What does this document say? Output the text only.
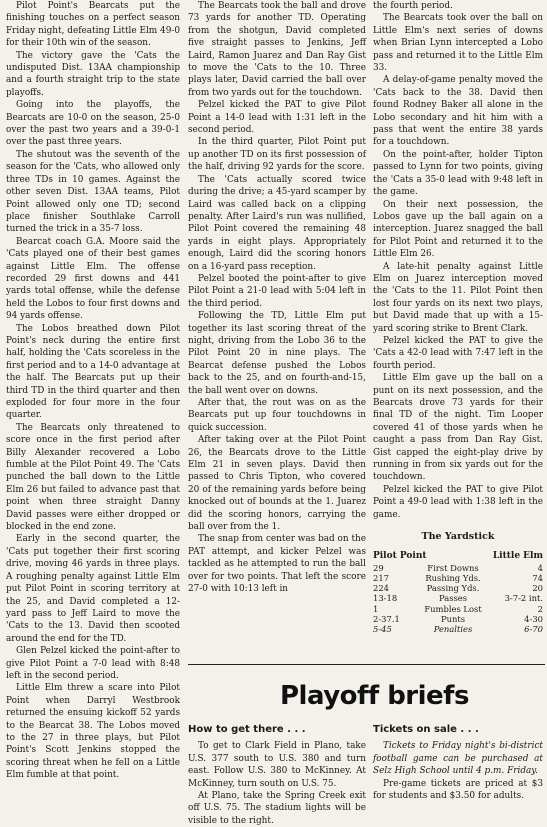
Pilot Point's Bearcats put the finishing touches on a perfect season Friday night, defeating Little Elm 49-0 for their 10th win of the season.

The victory gave the 'Cats the undisputed Dist. 13AA championship and a fourth straight trip to the state playoffs.

Going into the playoffs, the Bearcats are 10-0 on the season, 25-0 over the past two years and a 39-0-1 over the past three years.

The shutout was the seventh of the season for the 'Cats, who allowed only three TDs in 10 games. Against the other seven Dist. 13AA teams, Pilot Point allowed only one TD; second place finisher Southlake Carroll turned the trick in a 35-7 loss.

Bearcat coach G.A. Moore said the 'Cats played one of their best games against Little Elm. The offense recorded 29 first downs and 441 yards total offense, while the defense held the Lobos to four first downs and 94 yards offense.

The Lobos breathed down Pilot Point's neck during the entire first half, holding the 'Cats scoreless in the first period and to a 14-0 advantage at the half. The Bearcats put up their third TD in the third quarter and then exploded for four more in the four quarter.

The Bearcats only threatened to score once in the first period after Billy Alexander recovered a Lobo fumble at the Pilot Point 49. The 'Cats punched the ball down to the Little Elm 26 but failed to advance past that point when three straight Danny David passes were either dropped or blocked in the end zone.

Early in the second quarter, the 'Cats put together their first scoring drive, moving 46 yards in three plays. A roughing penalty against Little Elm put Pilot Point in scoring territory at the 25, and David completed a 12-yard pass to Jeff Laird to move the 'Cats to the 13. David then scooted around the end for the TD.

Glen Pelzel kicked the point-after to give Pilot Point a 7-0 lead with 8:48 left in the second period.

Little Elm threw a scare into Pilot Point when Darryl Westbrook returned the ensuing kickoff 52 yards to the Bearcat 38. The Lobos moved to the 27 in three plays, but Pilot Point's Scott Jenkins stopped the scoring threat when he fell on a Little Elm fumble at that point.

The Bearcats took the ball and drove 73 yards for another TD. Operating from the shotgun, David completed five straight passes to Jenkins, Jeff Laird, Ramon Juarez and Dan Ray Gist to move the 'Cats to the 10. Three plays later, David carried the ball over from two yards out for the touchdown.

Pelzel kicked the PAT to give Pilot Point a 14-0 lead with 1:31 left in the second period.

In the third quarter, Pilot Point put up another TD on its first possession of the half, driving 92 yards for the score.

The 'Cats actually scored twice during the drive; a 45-yard scamper by Laird was called back on a clipping penalty. After Laird's run was nullified, Pilot Point covered the remaining 48 yards in eight plays. Appropriately enough, Laird did the scoring honors on a 16-yard pass reception.

Pelzel booted the point-after to give Pilot Point a 21-0 lead with 5:04 left in the third period.

Following the TD, Little Elm put together its last scoring threat of the night, driving from the Lobo 36 to the Pilot Point 20 in nine plays. The Bearcat defense pushed the Lobos back to the 25, and on fourth-and-15, the ball went over on downs.

After that, the rout was on as the Bearcats put up four touchdowns in quick succession.

After taking over at the Pilot Point 26, the Bearcats drove to the Little Elm 21 in seven plays. David then passed to Chris Tipton, who covered 20 of the remaining yards before being knocked out of bounds at the 1. Juarez did the scoring honors, carrying the ball over from the 1.

The snap from center was bad on the PAT attempt, and kicker Pelzel was tackled as he attempted to run the ball over for two points. That left the score 27-0 with 10:13 left in

the fourth period.

The Bearcats took over the ball on Little Elm's next series of downs when Brian Lynn intercepted a Lobo pass and returned it to the Little Elm 33.

A delay-of-game penalty moved the 'Cats back to the 38. David then found Rodney Baker all alone in the Lobo secondary and hit him with a pass that went the entire 38 yards for a touchdown.

On the point-after, holder Tipton passed to Lynn for two points, giving the 'Cats a 35-0 lead with 9:48 left in the game.

On their next possession, the Lobos gave up the ball again on a interception. Juarez snagged the ball for Pilot Point and returned it to the Little Elm 26.

A late-hit penalty against Little Elm on Juarez interception moved the 'Cats to the 11. Pilot Point then lost four yards on its next two plays, but David made that up with a 15-yard scoring strike to Brent Clark.

Pelzel kicked the PAT to give the 'Cats a 42-0 lead with 7:47 left in the fourth period.

Little Elm gave up the ball on a punt on its next possession, and the Bearcats drove 73 yards for their final TD of the night. Tim Looper covered 41 of those yards when he caught a pass from Dan Ray Gist. Gist capped the eight-play drive by running in from six yards out for the touchdown.

Pelzel kicked the PAT to give Pilot Point a 49-0 lead with 1:38 left in the game.

The Yardstick
Pilot Point	Little Elm
29	First Downs	4
217	Rushing Yds.	74
224	Passing Yds.	20
13-18	Passes	3-7-2 int.
1	Fumbles Lost	2
2-37.1	Punts	4-30
5-45	Penalties	6-70
Playoff briefs
How to get there . . .

To get to Clark Field in Plano, take U.S. 377 south to U.S. 380 and turn east. Follow U.S. 380 to McKinney. At McKinney, turn south on U.S. 75.

At Plano, take the Spring Creek exit off U.S. 75. The stadium lights will be visible to the right.

Tickets on sale . . .

Tickets to Friday night's bi-district football game can be purchased at Selz High School until 4 p.m. Friday.

Pre-game tickets are priced at $3 for students and $3.50 for adults.
